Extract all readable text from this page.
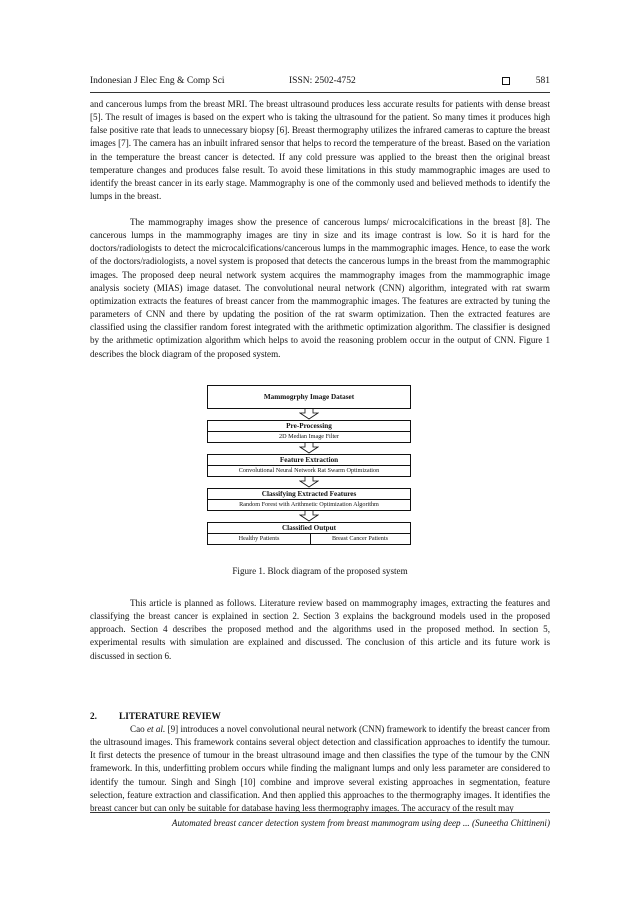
Indonesian J Elec Eng & Comp Sci	ISSN: 2502-4752	581

and cancerous lumps from the breast MRI. The breast ultrasound produces less accurate results for patients with dense breast [5]. The result of images is based on the expert who is taking the ultrasound for the patient. So many times it produces high false positive rate that leads to unnecessary biopsy [6]. Breast thermography utilizes the infrared cameras to capture the breast images [7]. The camera has an inbuilt infrared sensor that helps to record the temperature of the breast. Based on the variation in the temperature the breast cancer is detected. If any cold pressure was applied to the breast then the original breast temperature changes and produces false result. To avoid these limitations in this study mammographic images are used to identify the breast cancer in its early stage. Mammography is one of the commonly used and believed methods to identify the lumps in the breast.

The mammography images show the presence of cancerous lumps/ microcalcifications in the breast [8]. The cancerous lumps in the mammography images are tiny in size and its image contrast is low. So it is hard for the doctors/radiologists to detect the microcalcifications/cancerous lumps in the mammographic images. Hence, to ease the work of the doctors/radiologists, a novel system is proposed that detects the cancerous lumps in the breast from the mammographic images. The proposed deep neural network system acquires the mammography images from the mammographic image analysis society (MIAS) image dataset. The convolutional neural network (CNN) algorithm, integrated with rat swarm optimization extracts the features of breast cancer from the mammographic images. The features are extracted by tuning the parameters of CNN and there by updating the position of the rat swarm optimization. Then the extracted features are classified using the classifier random forest integrated with the arithmetic optimization algorithm. The classifier is designed by the arithmetic optimization algorithm which helps to avoid the reasoning problem occur in the output of CNN. Figure 1 describes the block diagram of the proposed system.

Mammogrphy Image Dataset
Pre-Processing
2D Median Image Filter
Feature Extraction
Convolutional Neural Network Rat Swarm Optimization
Classifying Extracted Features
Random Forest with Arithmetic Optimization Algorithm
Classified Output
Healthy Patients	Breast Cancer Patients
Figure 1. Block diagram of the proposed system

This article is planned as follows. Literature review based on mammography images, extracting the features and classifying the breast cancer is explained in section 2. Section 3 explains the background models used in the proposed approach. Section 4 describes the proposed method and the algorithms used in the proposed method. In section 5, experimental results with simulation are explained and discussed. The conclusion of this article and its future work is discussed in section 6.

2. LITERATURE REVIEW

Cao et al. [9] introduces a novel convolutional neural network (CNN) framework to identify the breast cancer from the ultrasound images. This framework contains several object detection and classification approaches to identify the tumour. It first detects the presence of tumour in the breast ultrasound image and then classifies the type of the tumour by the CNN framework. In this, underfitting problem occurs while finding the malignant lumps and only less parameter are considered to identify the tumour. Singh and Singh [10] combine and improve several existing approaches in segmentation, feature selection, feature extraction and classification. And then applied this approaches to the thermography images. It identifies the breast cancer but can only be suitable for database having less thermography images. The accuracy of the result may

Automated breast cancer detection system from breast mammogram using deep ... (Suneetha Chittineni)
